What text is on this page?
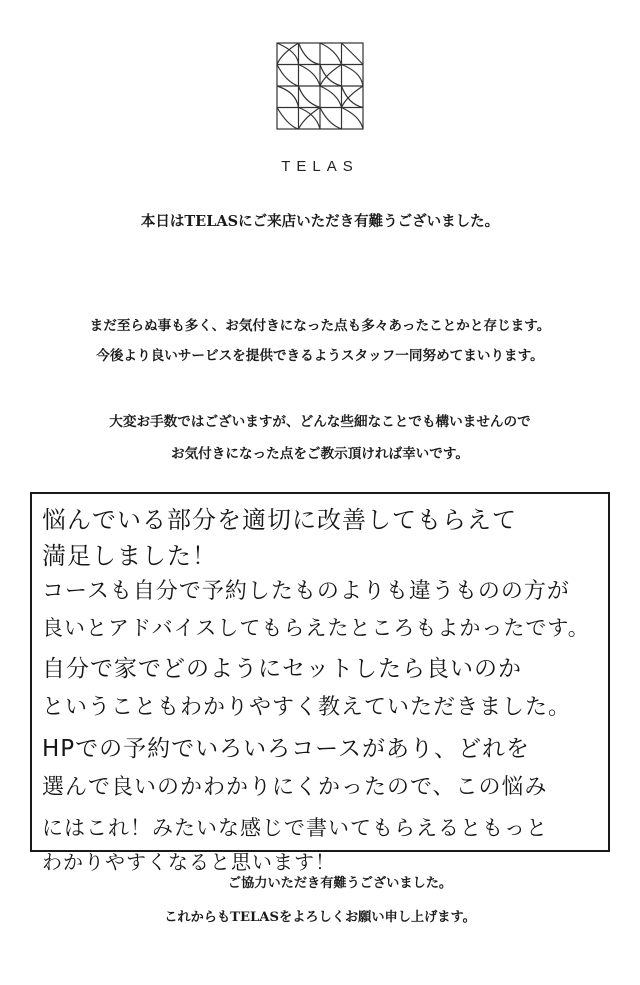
TELAS
本日はTELASにご来店いただき有難うございました。
まだ至らぬ事も多く、お気付きになった点も多々あったことかと存じます。
今後より良いサービスを提供できるようスタッフ一同努めてまいります。
大変お手数ではございますが、どんな些細なことでも構いませんので
お気付きになった点をご教示頂ければ幸いです。
悩んでいる部分を適切に改善してもらえて
満足しました！
コースも自分で予約したものよりも違うものの方が
良いとアドバイスしてもらえたところもよかったです。
自分で家でどのようにセットしたら良いのか
ということもわかりやすく教えていただきました。
HPでの予約でいろいろコースがあり、どれを
選んで良いのかわかりにくかったので、この悩み
にはこれ！みたいな感じで書いてもらえるともっと
わかりやすくなると思います！
ご協力いただき有難うございました。
これからもTELASをよろしくお願い申し上げます。
